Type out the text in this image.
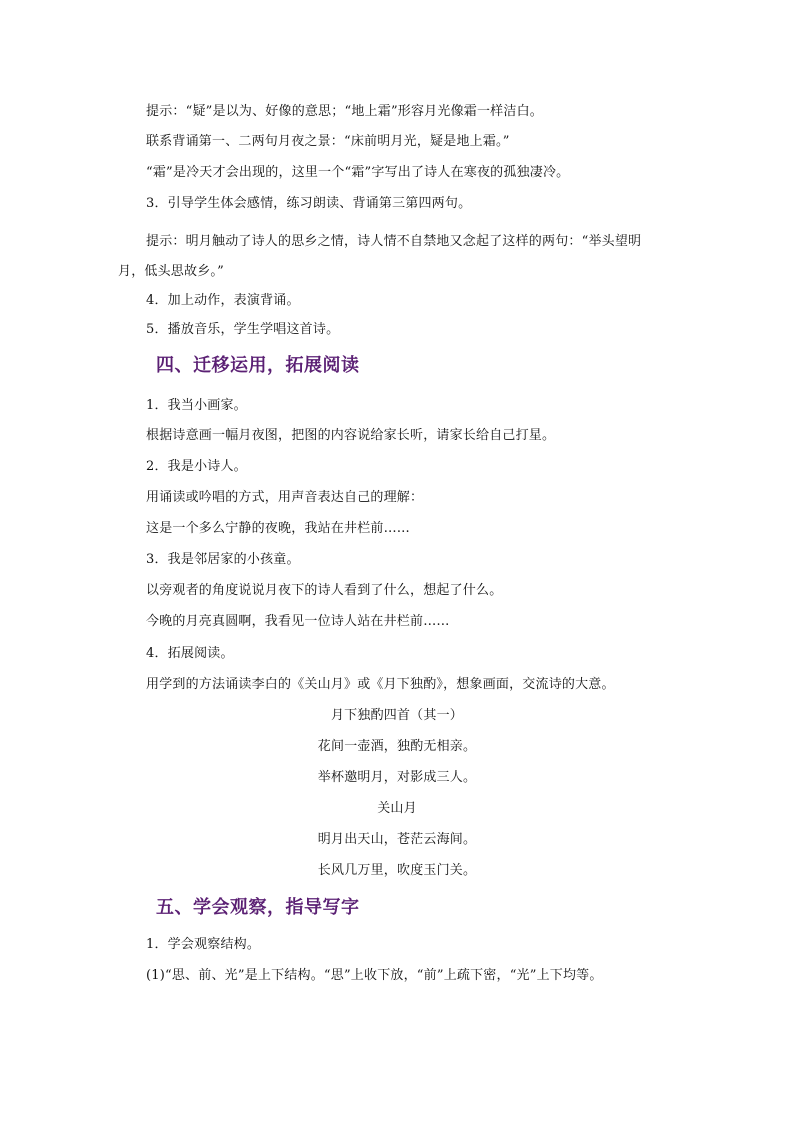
提示：“疑”是以为、好像的意思；“地上霜”形容月光像霜一样洁白。
联系背诵第一、二两句月夜之景：“床前明月光，疑是地上霜。”
“霜”是冷天才会出现的，这里一个“霜”字写出了诗人在寒夜的孤独凄冷。
3．引导学生体会感情，练习朗读、背诵第三第四两句。
提示：明月触动了诗人的思乡之情，诗人情不自禁地又念起了这样的两句：“举头望明
月，低头思故乡。”
4．加上动作，表演背诵。
5．播放音乐，学生学唱这首诗。
四、迁移运用，拓展阅读
1．我当小画家。
根据诗意画一幅月夜图，把图的内容说给家长听，请家长给自己打星。
2．我是小诗人。
用诵读或吟唱的方式，用声音表达自己的理解：
这是一个多么宁静的夜晚，我站在井栏前……
3．我是邻居家的小孩童。
以旁观者的角度说说月夜下的诗人看到了什么，想起了什么。
今晚的月亮真圆啊，我看见一位诗人站在井栏前……
4．拓展阅读。
用学到的方法诵读李白的《关山月》或《月下独酌》，想象画面，交流诗的大意。
月下独酌四首（其一）
花间一壶酒，独酌无相亲。
举杯邀明月，对影成三人。
关山月
明月出天山，苍茫云海间。
长风几万里，吹度玉门关。
五、学会观察，指导写字
1．学会观察结构。
(1)“思、前、光”是上下结构。“思”上收下放，“前”上疏下密，“光”上下均等。
